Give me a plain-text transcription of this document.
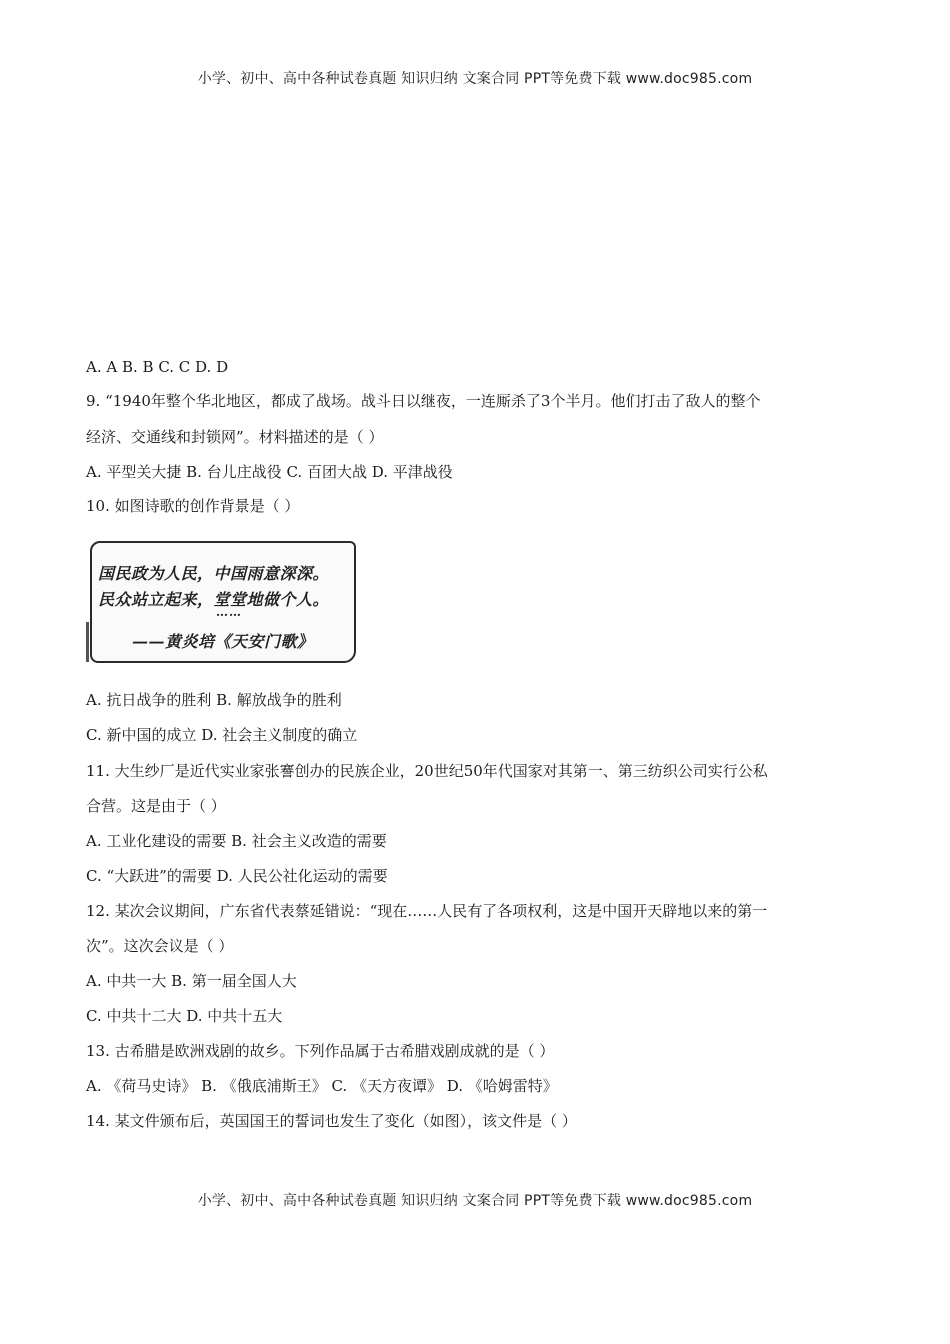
小学、初中、高中各种试卷真题 知识归纳 文案合同 PPT等免费下载 www.doc985.com
A. A B. B C. C D. D
9. “1940年整个华北地区，都成了战场。战斗日以继夜，一连厮杀了3个半月。他们打击了敌人的整个
经济、交通线和封锁网”。材料描述的是（ ）
A. 平型关大捷 B. 台儿庄战役 C. 百团大战 D. 平津战役
10. 如图诗歌的创作背景是（ ）
国民政为人民，中国雨意深深。
民众站立起来，堂堂地做个人。
……
——黄炎培《天安门歌》
A. 抗日战争的胜利 B. 解放战争的胜利
C. 新中国的成立 D. 社会主义制度的确立
11. 大生纱厂是近代实业家张謇创办的民族企业，20世纪50年代国家对其第一、第三纺织公司实行公私
合营。这是由于（ ）
A. 工业化建设的需要 B. 社会主义改造的需要
C. “大跃进”的需要 D. 人民公社化运动的需要
12. 某次会议期间，广东省代表蔡延错说：“现在……人民有了各项权利，这是中国开天辟地以来的第一
次”。这次会议是（ ）
A. 中共一大 B. 第一届全国人大
C. 中共十二大 D. 中共十五大
13. 古希腊是欧洲戏剧的故乡。下列作品属于古希腊戏剧成就的是（ ）
A. 《荷马史诗》 B. 《俄底浦斯王》 C. 《天方夜谭》 D. 《哈姆雷特》
14. 某文件颁布后，英国国王的誓词也发生了变化（如图），该文件是（ ）
小学、初中、高中各种试卷真题 知识归纳 文案合同 PPT等免费下载 www.doc985.com
